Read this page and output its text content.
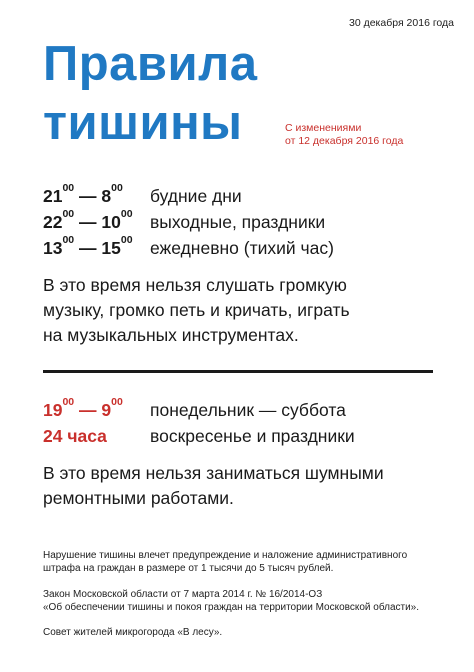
30 декабря 2016 года
Правила
тишины	С изменениями
от 12 декабря 2016 года
$21^{00}$ — $8^{00}$ будние дни
$22^{00}$ — $10^{00}$ выходные, праздники
$13^{00}$ — $15^{00}$ ежедневно (тихий час)
В это время нельзя слушать громкую
музыку, громко петь и кричать, играть
на музыкальных инструментах.
$19^{00}$ — $9^{00}$ понедельник — суббота
24 часа воскресенье и праздники
В это время нельзя заниматься шумными
ремонтными работами.
Нарушение тишины влечет предупреждение и наложение административного
штрафа на граждан в размере от 1 тысячи до 5 тысяч рублей.
Закон Московской области от 7 марта 2014 г. № 16/2014-ОЗ
«Об обеспечении тишины и покоя граждан на территории Московской области».
Совет жителей микрогорода «В лесу».
